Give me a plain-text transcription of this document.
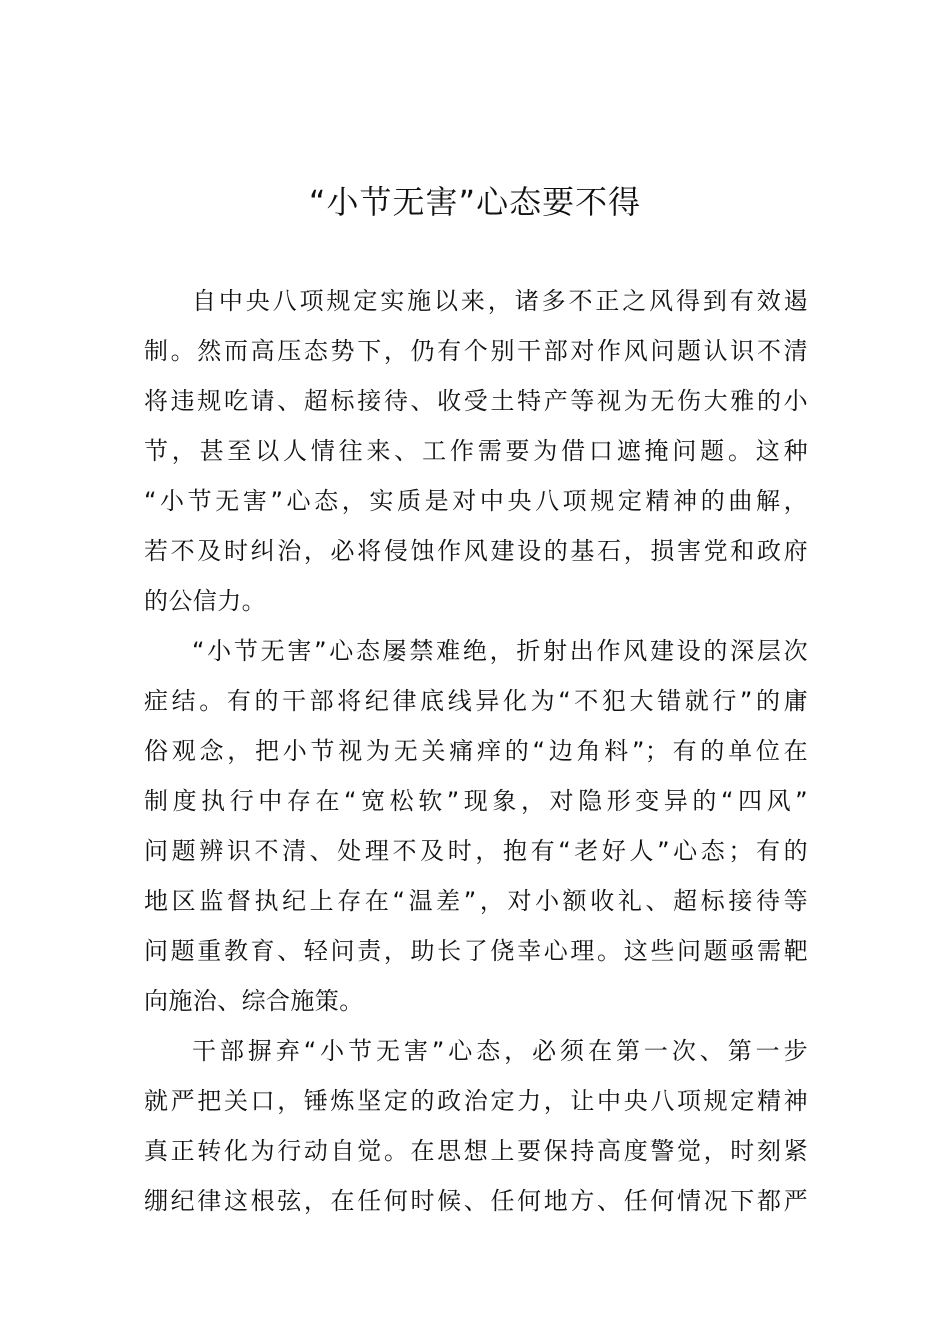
“小节无害”心态要不得
自中央八项规定实施以来，诸多不正之风得到有效遏
制。然而高压态势下，仍有个别干部对作风问题认识不清
将违规吃请、超标接待、收受土特产等视为无伤大雅的小
节，甚至以人情往来、工作需要为借口遮掩问题。这种
“小节无害”心态，实质是对中央八项规定精神的曲解，
若不及时纠治，必将侵蚀作风建设的基石，损害党和政府
的公信力。
“小节无害”心态屡禁难绝，折射出作风建设的深层次
症结。有的干部将纪律底线异化为“不犯大错就行”的庸
俗观念，把小节视为无关痛痒的“边角料”；有的单位在
制度执行中存在“宽松软”现象，对隐形变异的“四风”
问题辨识不清、处理不及时，抱有“老好人”心态；有的
地区监督执纪上存在“温差”，对小额收礼、超标接待等
问题重教育、轻问责，助长了侥幸心理。这些问题亟需靶
向施治、综合施策。
干部摒弃“小节无害”心态，必须在第一次、第一步
就严把关口，锤炼坚定的政治定力，让中央八项规定精神
真正转化为行动自觉。在思想上要保持高度警觉，时刻紧
绷纪律这根弦，在任何时候、任何地方、任何情况下都严
